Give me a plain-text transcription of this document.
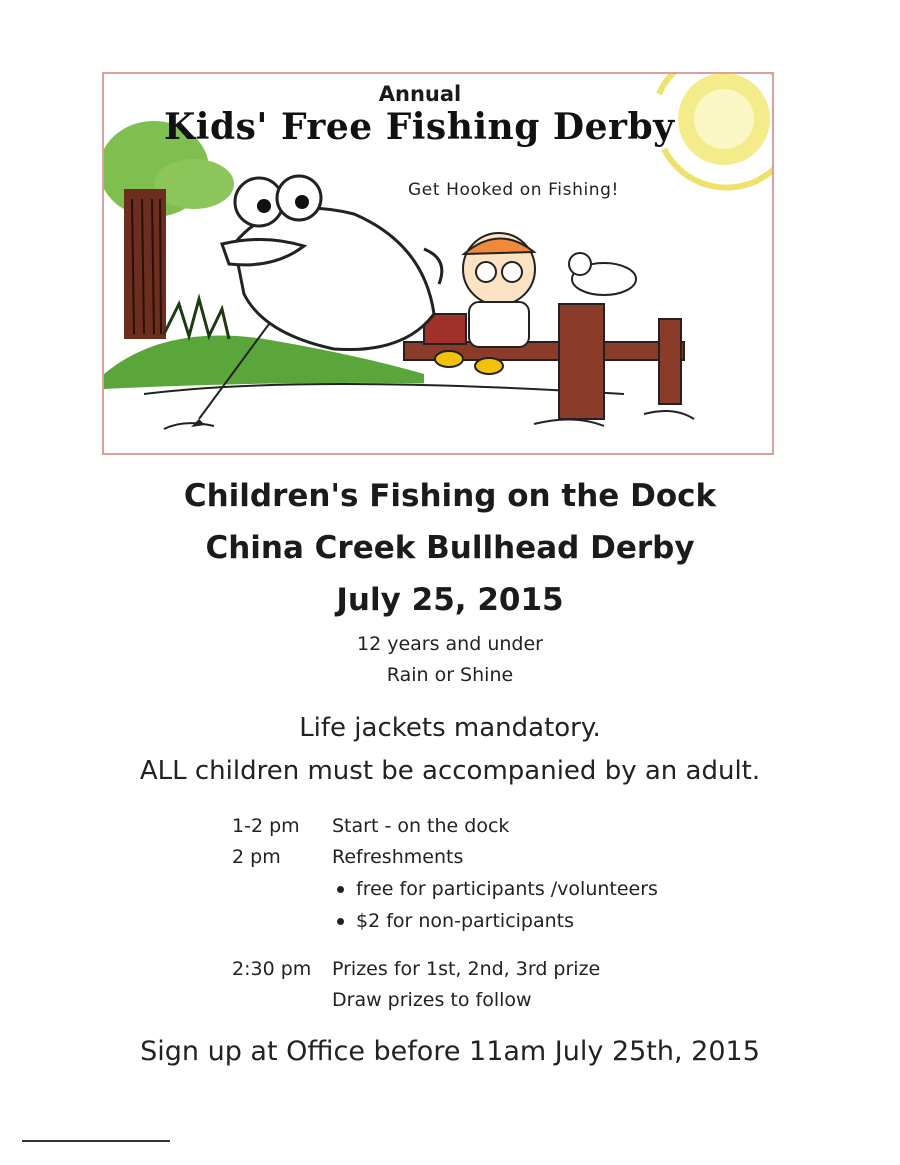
Annual
Kids' Free Fishing Derby
Get Hooked on Fishing!
Children's Fishing on the Dock
China Creek Bullhead Derby
July 25, 2015
12 years and under
Rain or Shine
Life jackets mandatory.
ALL children must be accompanied by an adult.
1-2 pm Start - on the dock
2 pm	Refreshments
free for participants /volunteers
$2 for non-participants
2:30 pm Prizes for 1st, 2nd, 3rd prize
Draw prizes to follow
Sign up at Office before 11am July 25th, 2015
